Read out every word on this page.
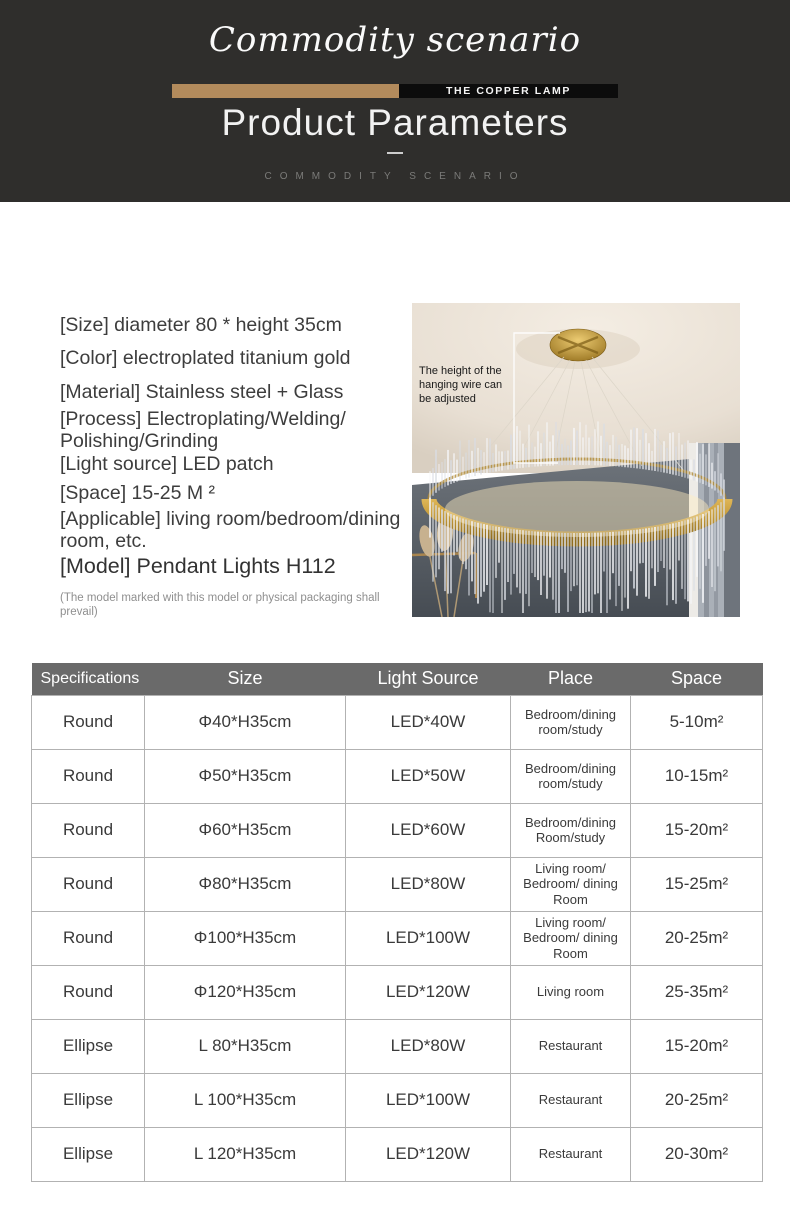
Commodity scenario
THE COPPER LAMP
Product Parameters
COMMODITY SCENARIO
[Size] diameter 80 * height 35cm
[Color] electroplated titanium gold
[Material] Stainless steel + Glass
[Process] Electroplating/Welding/ Polishing/Grinding
[Light source] LED patch
[Space] 15-25 M ²
[Applicable] living room/bedroom/dining room, etc.
[Model] Pendant Lights H112
(The model marked with this model or physical packaging shall prevail)
The height of the hanging wire can be adjusted
Specifications	Size	Light Source	Place	Space
Round	Φ40*H35cm	LED*40W	Bedroom/dining room/study	5-10m²
Round	Φ50*H35cm	LED*50W	Bedroom/dining room/study	10-15m²
Round	Φ60*H35cm	LED*60W	Bedroom/dining Room/study	15-20m²
Round	Φ80*H35cm	LED*80W	Living room/ Bedroom/ dining Room	15-25m²
Round	Φ100*H35cm	LED*100W	Living room/ Bedroom/ dining Room	20-25m²
Round	Φ120*H35cm	LED*120W	Living room	25-35m²
Ellipse	L 80*H35cm	LED*80W	Restaurant	15-20m²
Ellipse	L 100*H35cm	LED*100W	Restaurant	20-25m²
Ellipse	L 120*H35cm	LED*120W	Restaurant	20-30m²
